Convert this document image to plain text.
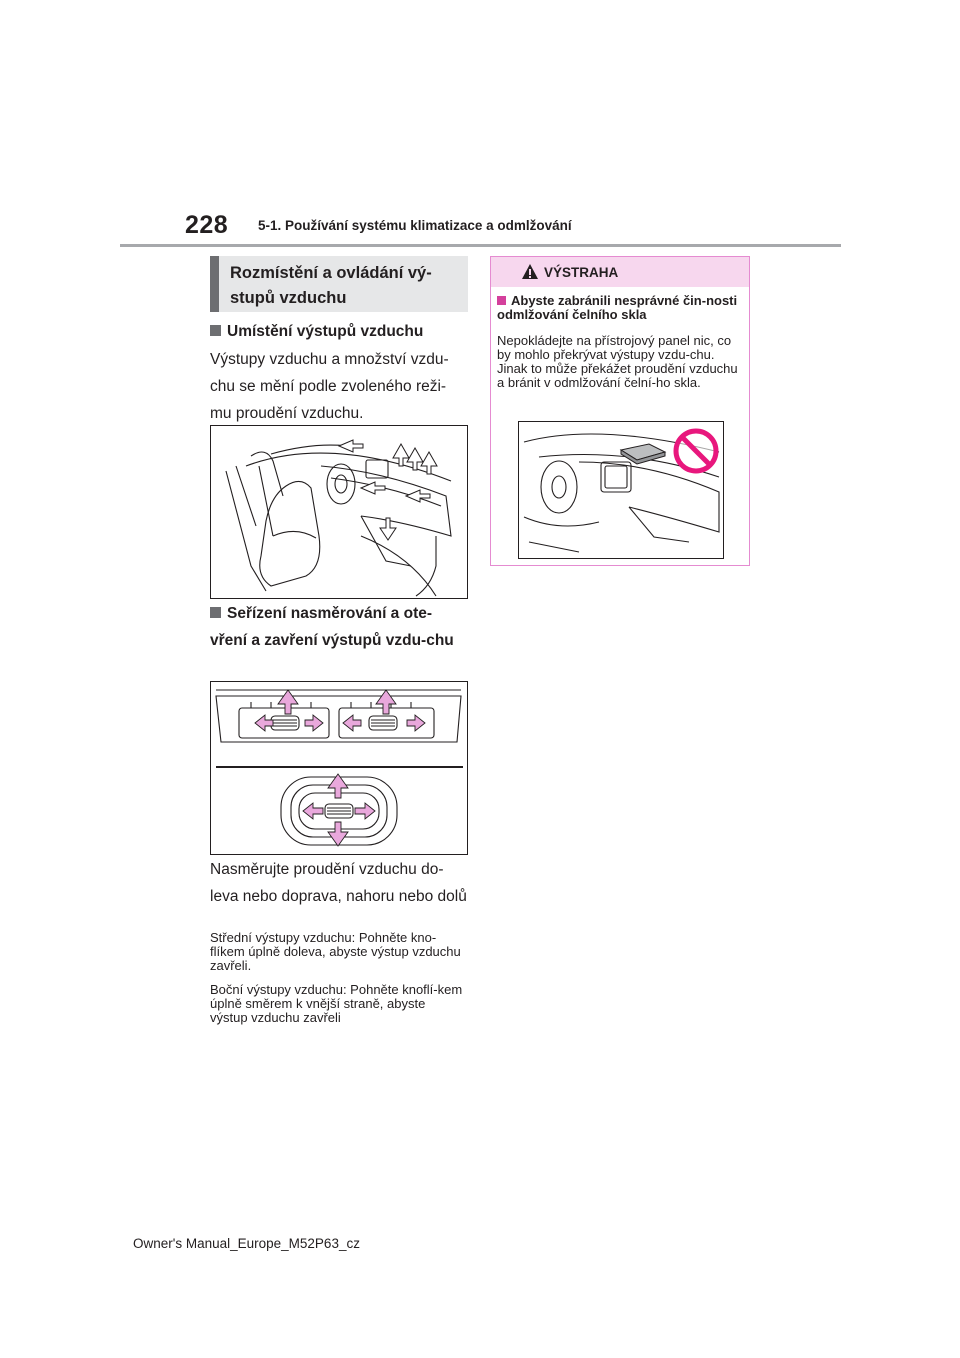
228 5-1. Používání systému klimatizace a odmlžování
Rozmístění a ovládání vý-stupů vzduchu
Umístění výstupů vzduchu
Výstupy vzduchu a množství vzdu-chu se mění podle zvoleného reži-mu proudění vzduchu.
Seřízení nasměrování a ote-vření a zavření výstupů vzdu-chu
Nasměrujte proudění vzduchu do-leva nebo doprava, nahoru nebo dolů
Střední výstupy vzduchu: Pohněte kno-flíkem úplně doleva, abyste výstup vzduchu zavřeli.
Boční výstupy vzduchu: Pohněte knoflí-kem úplně směrem k vnější straně, abyste výstup vzduchu zavřeli
VÝSTRAHA
Abyste zabránili nesprávné čin-nosti odmlžování čelního skla
Nepokládejte na přístrojový panel nic, co by mohlo překrývat výstupy vzdu-chu. Jinak to může překážet proudění vzduchu a bránit v odmlžování čelní-ho skla.
Owner's Manual_Europe_M52P63_cz
